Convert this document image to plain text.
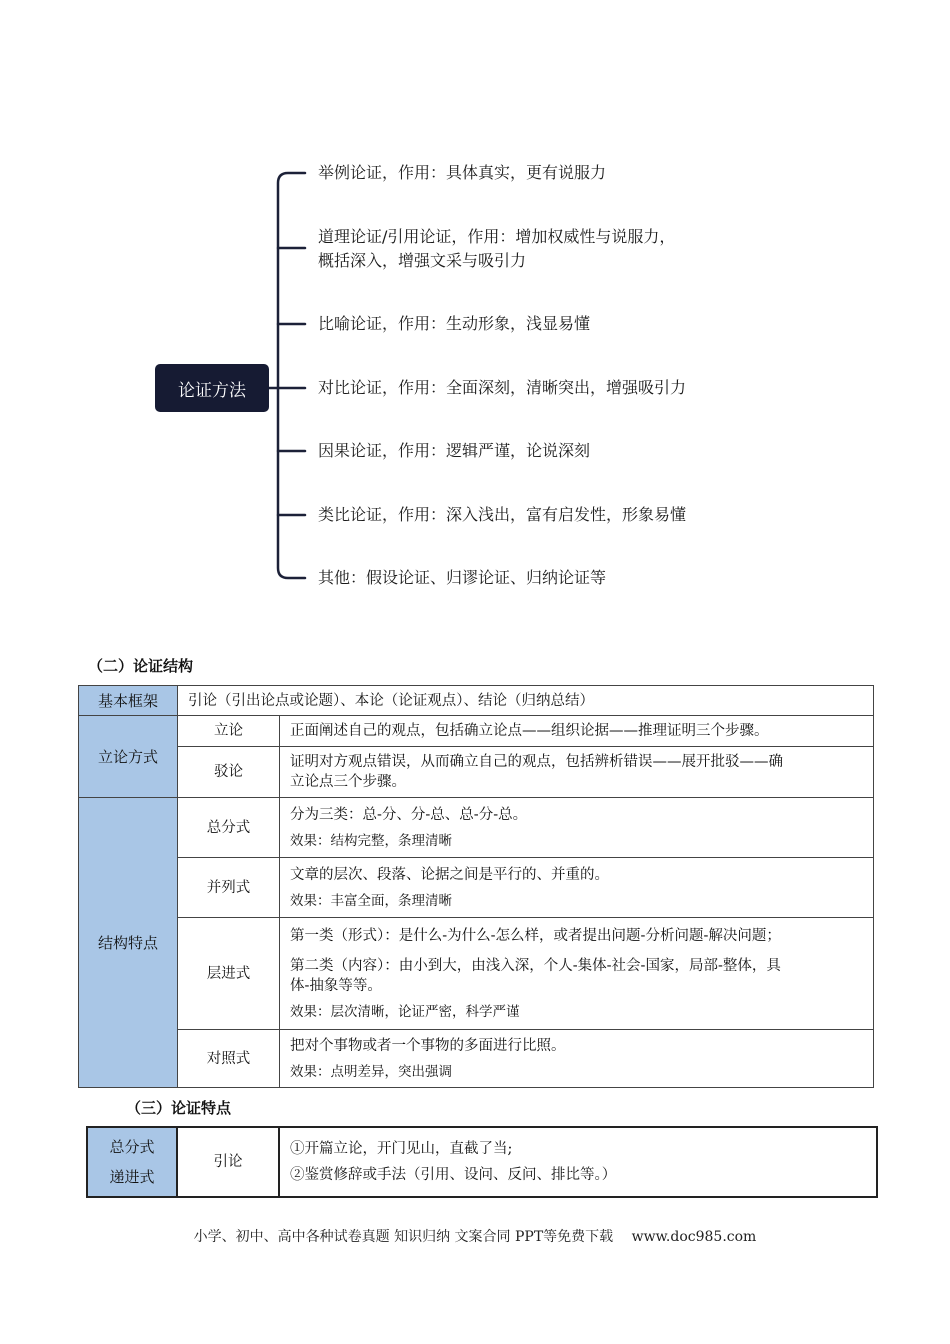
论证方法
举例论证，作用：具体真实，更有说服力
道理论证/引用论证，作用：增加权威性与说服力，
概括深入，增强文采与吸引力
比喻论证，作用：生动形象，浅显易懂
对比论证，作用：全面深刻，清晰突出，增强吸引力
因果论证，作用：逻辑严谨，论说深刻
类比论证，作用：深入浅出，富有启发性，形象易懂
其他：假设论证、归谬论证、归纳论证等
（二）论证结构
基本框架	引论（引出论点或论题）、本论（论证观点）、结论（归纳总结）	
立论方式	立论	正面阐述自己的观点，包括确立论点——组织论据——推理证明三个步骤。
	驳论	证明对方观点错误，从而确立自己的观点，包括辨析错误——展开批驳——确
立论点三个步骤。

结构特点	总分式	分为三类：总-分、分-总、总-分-总。
效果：结构完整，条理清晰

	并列式	文章的层次、段落、论据之间是平行的、并重的。
效果：丰富全面，条理清晰

	层进式	第一类（形式）：是什么-为什么-怎么样，或者提出问题-分析问题-解决问题；
第二类（内容）：由小到大，由浅入深，个人-集体-社会-国家，局部-整体，具
体-抽象等等。
效果：层次清晰，论证严密，科学严谨

	对照式	把对个事物或者一个事物的多面进行比照。
效果：点明差异，突出强调
（三）论证特点
总分式
递进式
	引论	
①开篇立论，开门见山，直截了当;
②鉴赏修辞或手法（引用、设问、反问、排比等。）
小学、初中、高中各种试卷真题 知识归纳 文案合同 PPT等免费下载　 www.doc985.com
